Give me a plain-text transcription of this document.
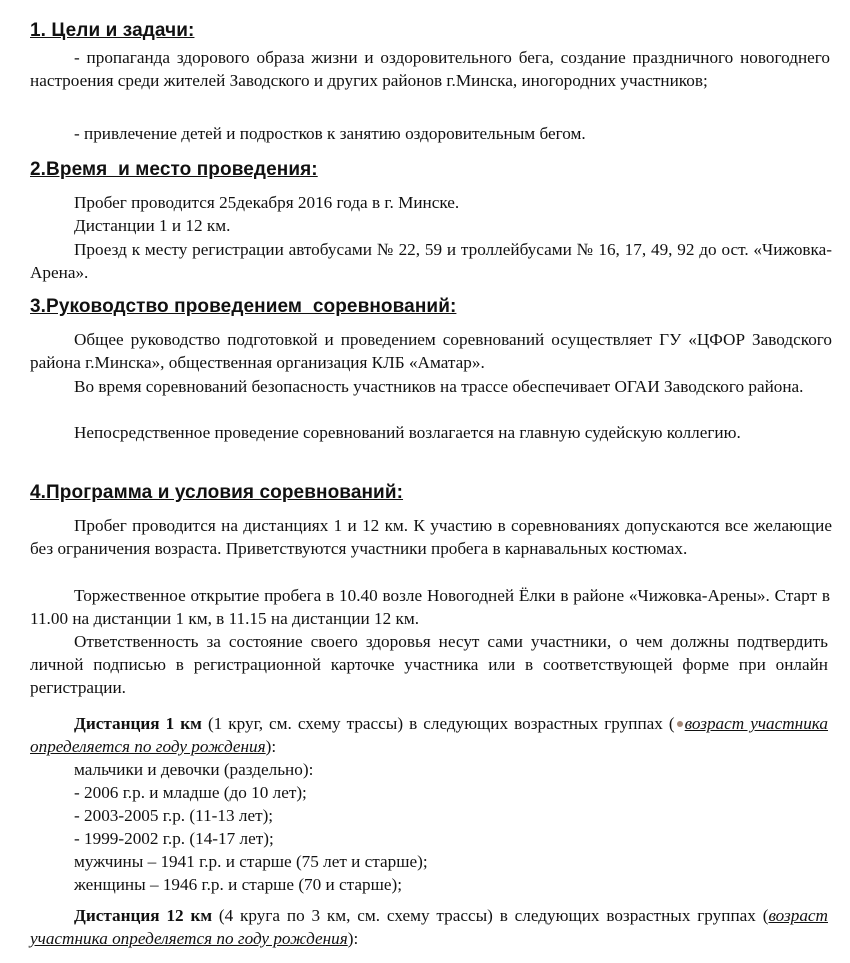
1. Цели и задачи:

- пропаганда здорового образа жизни и оздоровительного бега, создание праздничного новогоднего настроения среди жителей Заводского и других районов г.Минска, иногородних участников;

- привлечение детей и подростков к занятию оздоровительным бегом.

2.Время  и место проведения:

Пробег проводится 25декабря 2016 года в г. Минске.

Дистанции 1 и 12 км.

Проезд к месту регистрации автобусами № 22, 59 и троллейбусами № 16, 17, 49, 92 до ост. «Чижовка-Арена».

3.Руководство проведением  соревнований:

Общее руководство подготовкой и проведением соревнований осуществляет ГУ «ЦФОР Заводского района г.Минска», общественная организация КЛБ «Аматар».

Во время соревнований безопасность участников на трассе обеспечивает ОГАИ Заводского района.

Непосредственное проведение соревнований возлагается на главную судейскую коллегию.

4.Программа и условия соревнований:

Пробег проводится на дистанциях 1 и 12 км. К участию в соревнованиях допускаются все желающие без ограничения возраста. Приветствуются участники пробега в карнавальных костюмах.

Торжественное открытие пробега в 10.40 возле Новогодней Ёлки в районе «Чижовка-Арены». Старт в 11.00 на дистанции 1 км, в 11.15 на дистанции 12 км.

Ответственность за состояние своего здоровья несут сами участники, о чем должны подтвердить личной подписью в регистрационной карточке участника или в соответствующей форме при онлайн регистрации.

Дистанция 1 км (1 круг, см. схему трассы) в следующих возрастных группах ( возраст участника определяется по году рождения):

мальчики и девочки (раздельно):

- 2006 г.р. и младше (до 10 лет);

- 2003-2005 г.р. (11-13 лет);

- 1999-2002 г.р. (14-17 лет);

мужчины – 1941 г.р. и старше (75 лет и старше);

женщины – 1946 г.р. и старше (70 и старше);

Дистанция 12 км (4 круга по 3 км, см. схему трассы) в следующих возрастных группах (возраст участника определяется по году рождения):
